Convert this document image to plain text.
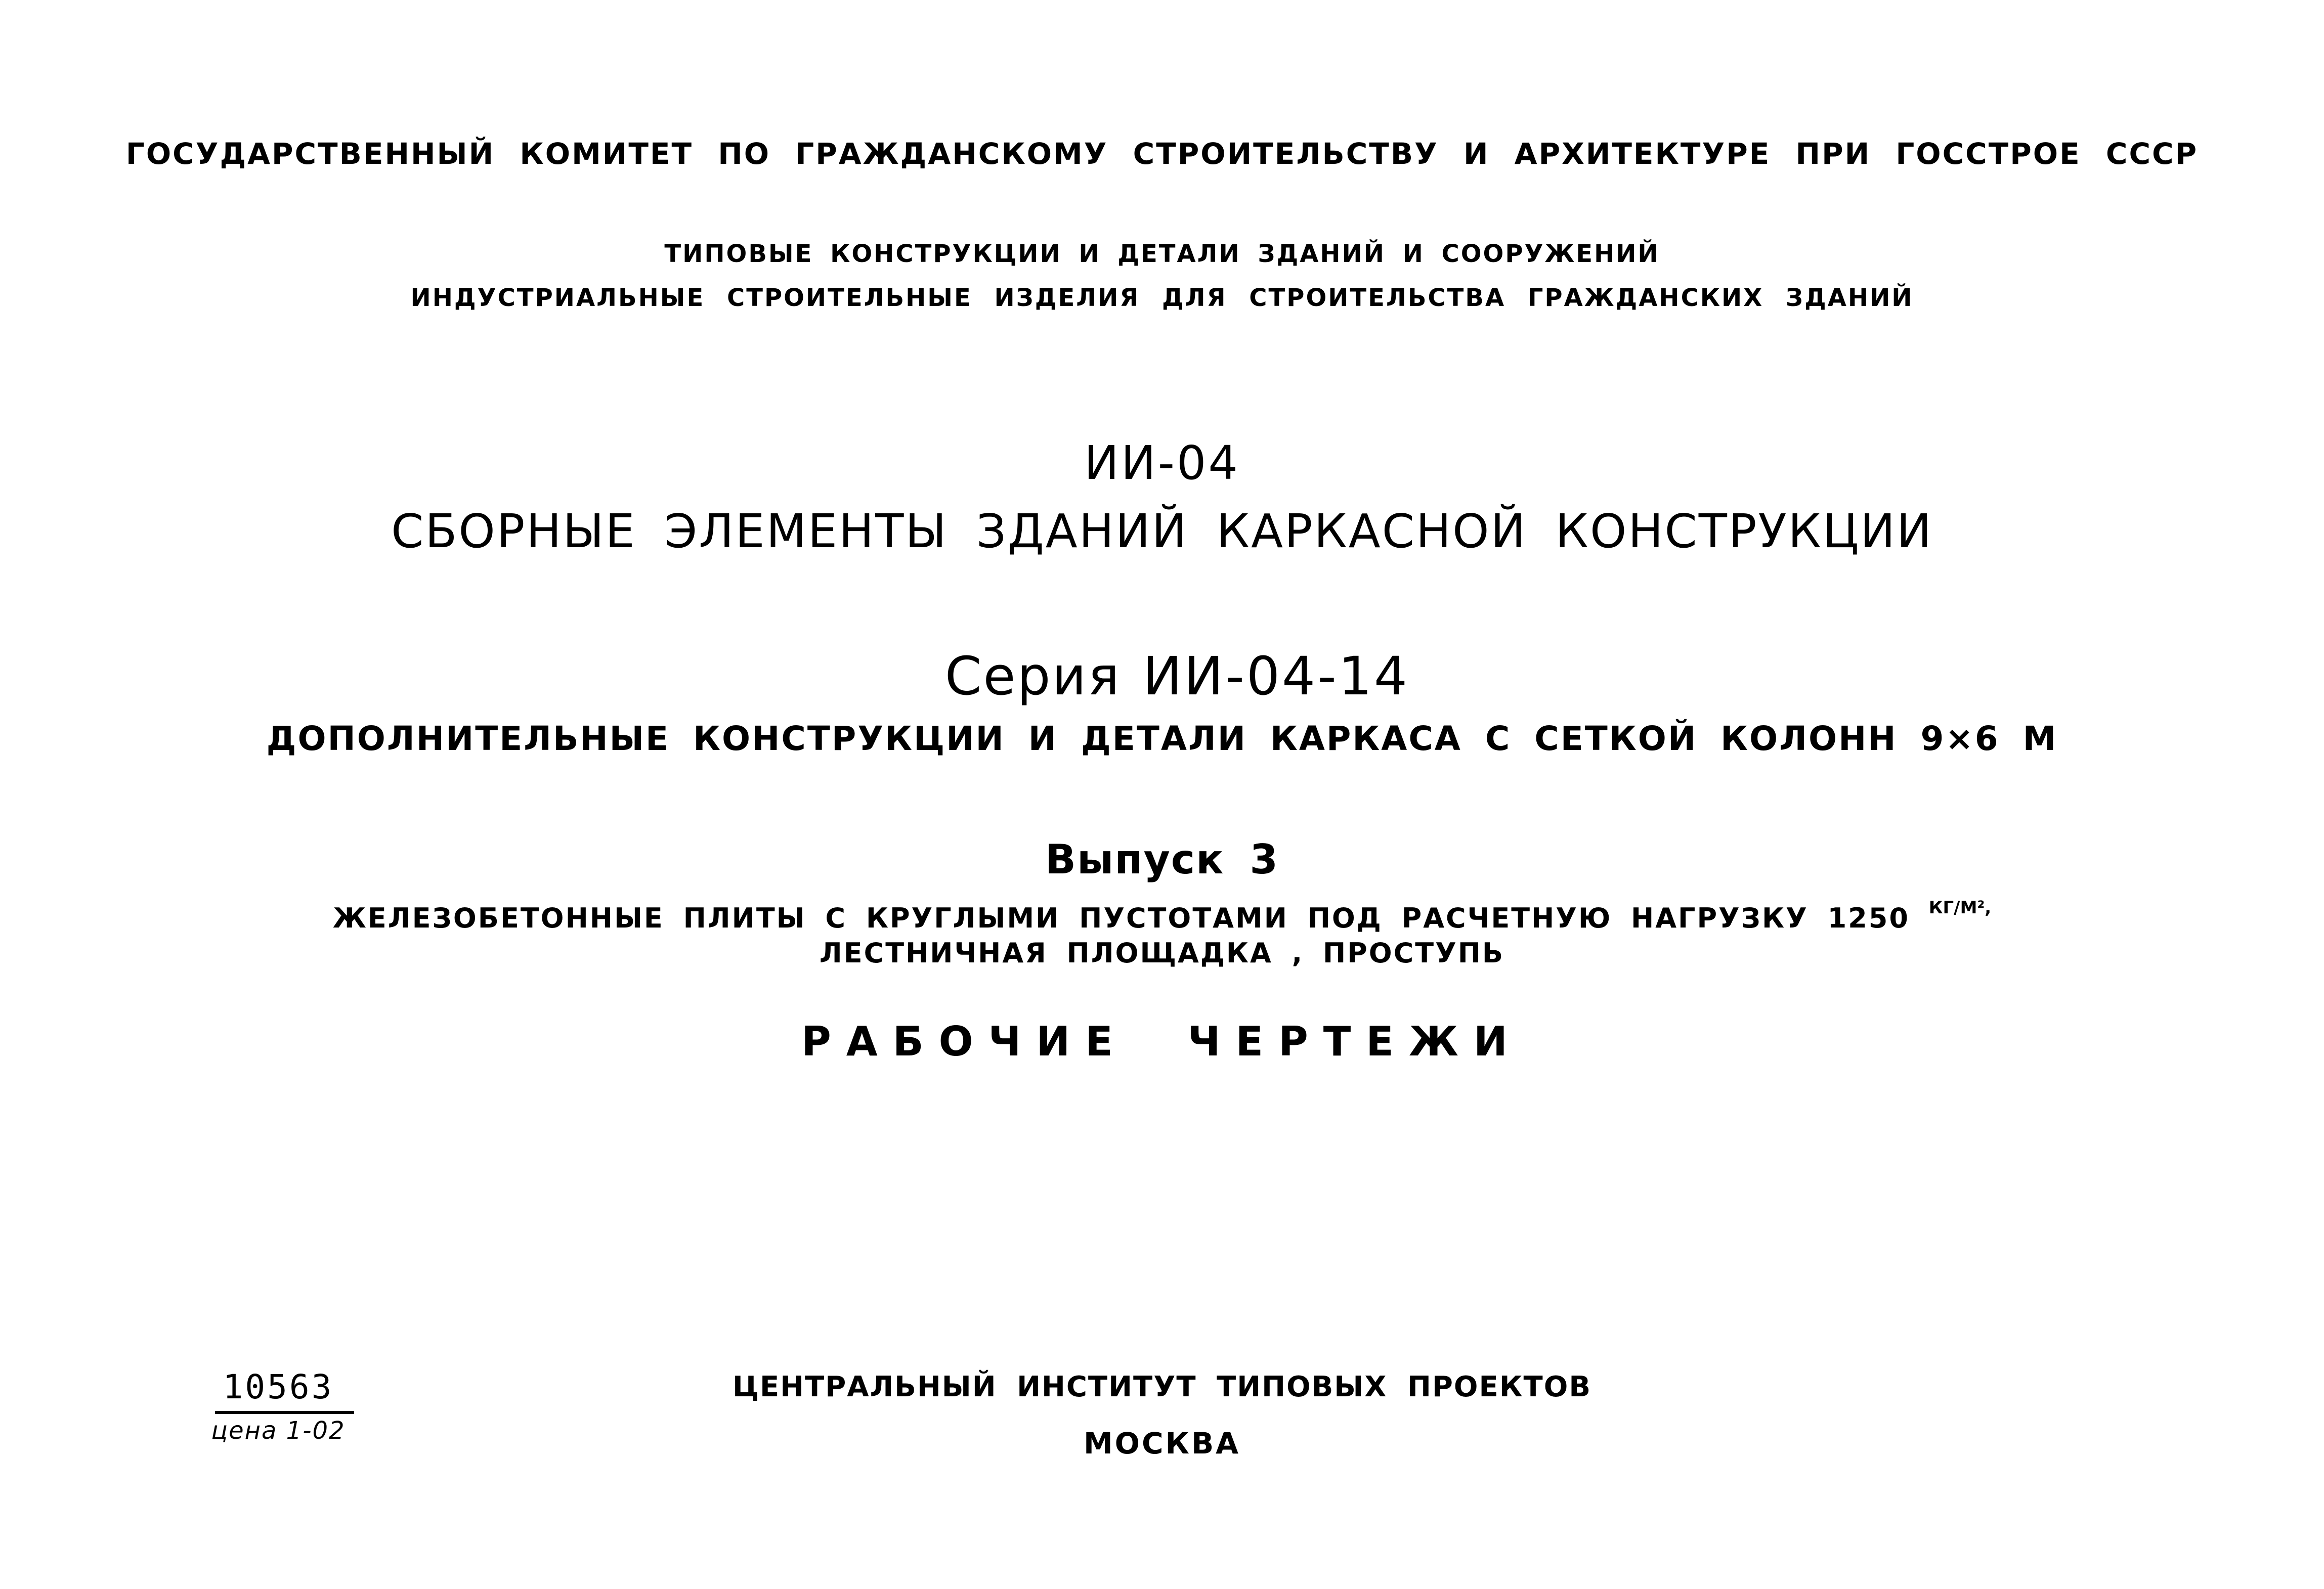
ГОСУДАРСТВЕННЫЙ КОМИТЕТ ПО ГРАЖДАНСКОМУ СТРОИТЕЛЬСТВУ И АРХИТЕКТУРЕ ПРИ ГОССТРОЕ СССР
ТИПОВЫЕ КОНСТРУКЦИИ И ДЕТАЛИ ЗДАНИЙ И СООРУЖЕНИЙ
ИНДУСТРИАЛЬНЫЕ СТРОИТЕЛЬНЫЕ ИЗДЕЛИЯ ДЛЯ СТРОИТЕЛЬСТВА ГРАЖДАНСКИХ ЗДАНИЙ
ИИ-04
СБОРНЫЕ ЭЛЕМЕНТЫ ЗДАНИЙ КАРКАСНОЙ КОНСТРУКЦИИ
Серия ИИ-04-14
ДОПОЛНИТЕЛЬНЫЕ КОНСТРУКЦИИ И ДЕТАЛИ КАРКАСА С СЕТКОЙ КОЛОНН 9×6 М
Выпуск 3
ЖЕЛЕЗОБЕТОННЫЕ ПЛИТЫ С КРУГЛЫМИ ПУСТОТАМИ ПОД РАСЧЕТНУЮ НАГРУЗКУ 1250 КГ/М²,
ЛЕСТНИЧНАЯ ПЛОЩАДКА , ПРОСТУПЬ
РАБОЧИЕ ЧЕРТЕЖИ
10563
цена 1-02
ЦЕНТРАЛЬНЫЙ ИНСТИТУТ ТИПОВЫХ ПРОЕКТОВ
МОСКВА
